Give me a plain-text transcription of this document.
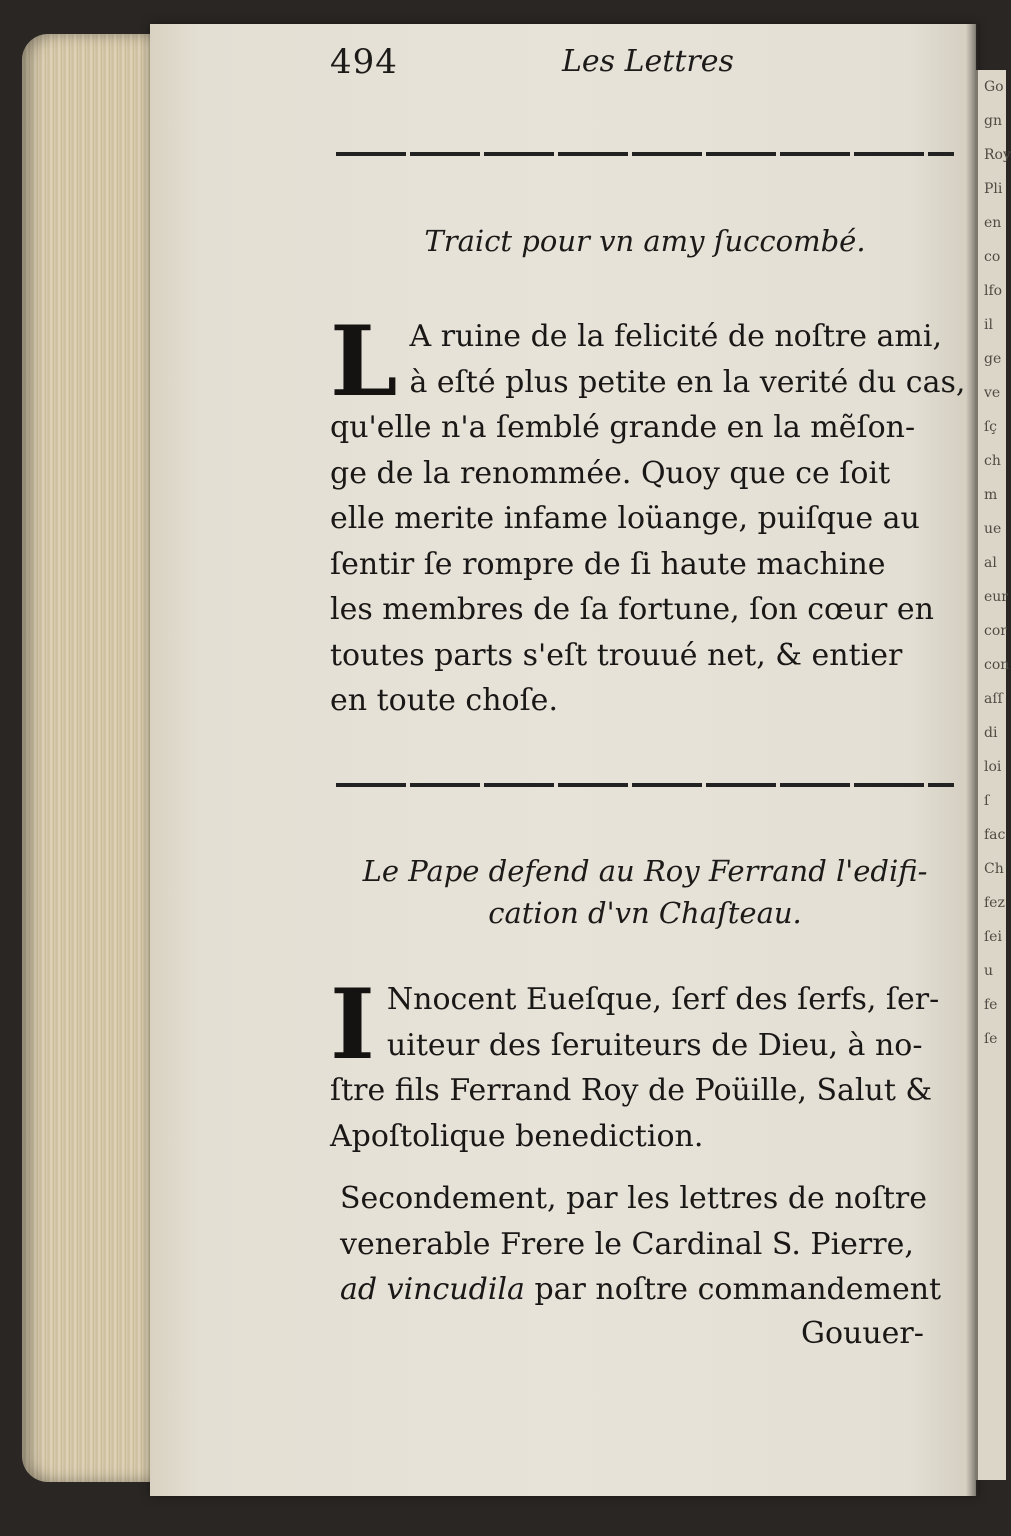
494	Les Lettres
Traict pour vn amy ſuccombé.
L A ruine de la felicité de noſtre ami,
à eſté plus petite en la verité du cas,
qu'elle n'a ſemblé grande en la mẽſon-
ge de la renommée. Quoy que ce ſoit
elle merite infame loüange, puiſque au
ſentir ſe rompre de ſi haute machine
les membres de ſa fortune, ſon cœur en
toutes parts s'eſt trouué net, & entier
en toute choſe.
Le Pape defend au Roy Ferrand l'edifi-
cation d'vn Chaſteau.
I Nnocent Eueſque, ſerf des ſerfs, ſer-
uiteur des ſeruiteurs de Dieu, à no-
ſtre fils Ferrand Roy de Poüille, Salut &
Apoſtolique benediction.
Secondement, par les lettres de noſtre
venerable Frere le Cardinal S. Pierre,
ad vincudila par noſtre commandement
Gouuer-
Go
gn
Roy
Pli
en
co
lfo
il
ge
ve
ſç
ch
m
ue
al
eur
cor
con
aſſ
di
loi
ſ
fac
Ch
fez
ſei
u
fe
ſe
